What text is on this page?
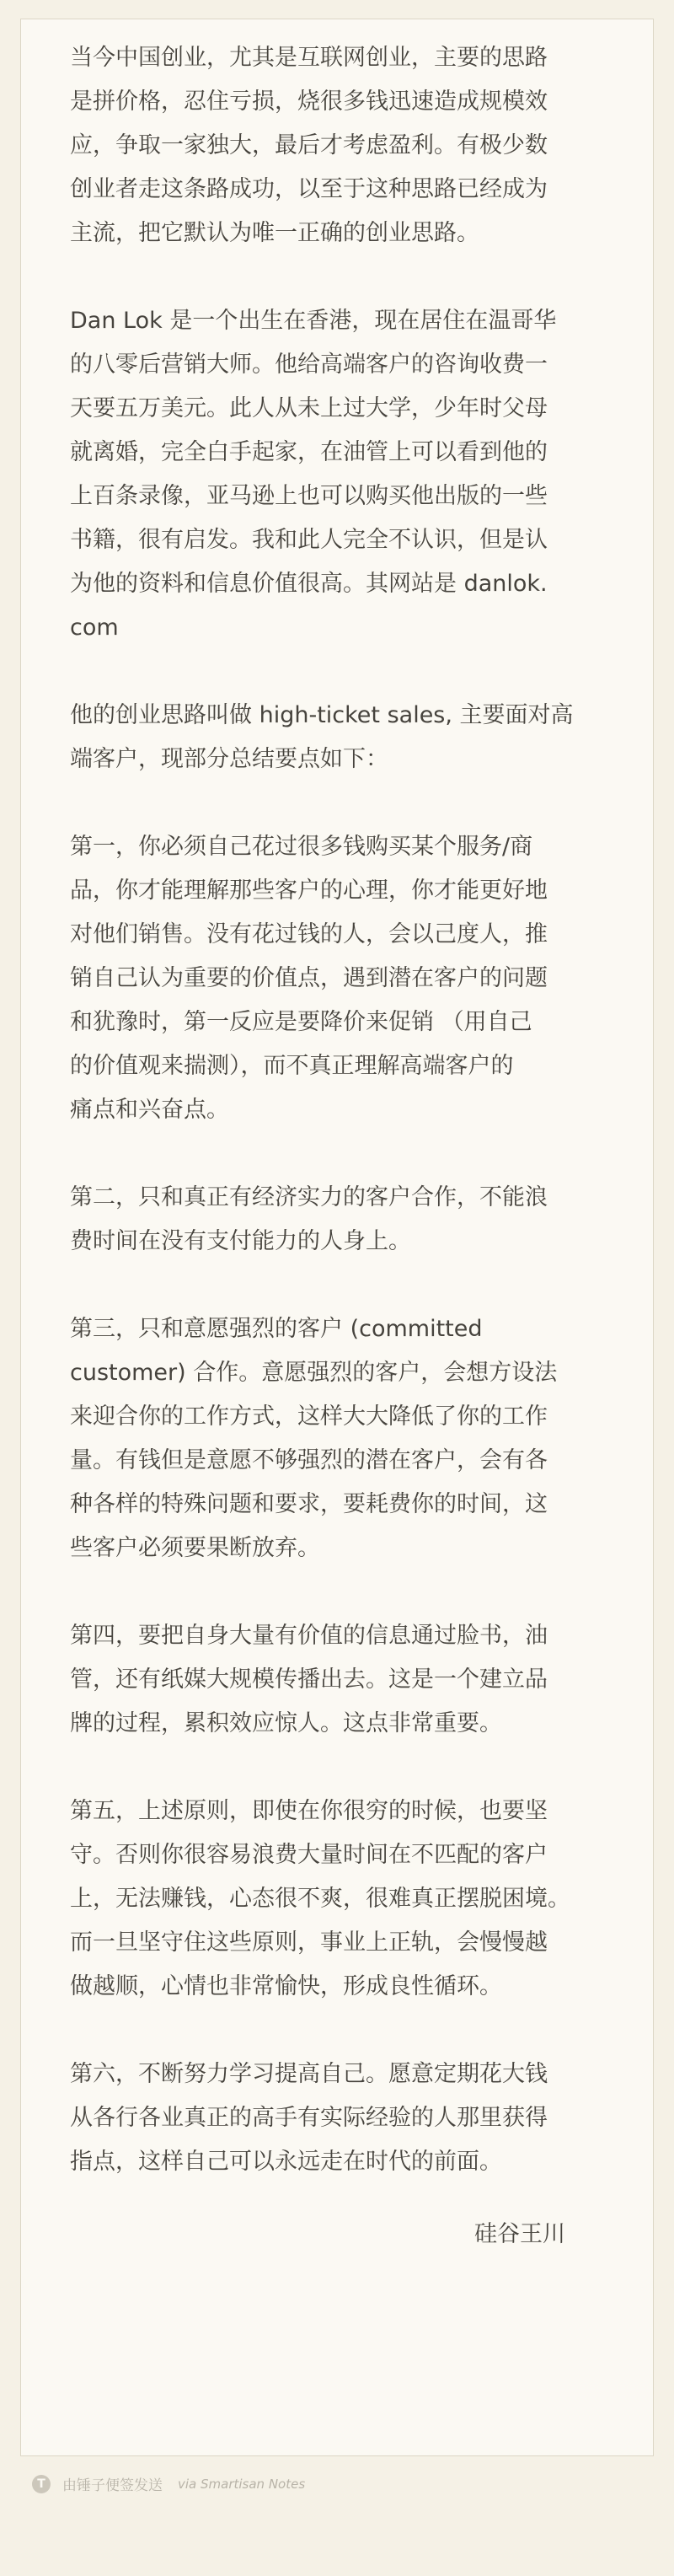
当今中国创业，尤其是互联网创业，主要的思路
是拼价格，忍住亏损，烧很多钱迅速造成规模效
应，争取一家独大，最后才考虑盈利。有极少数
创业者走这条路成功，以至于这种思路已经成为
主流，把它默认为唯一正确的创业思路。

Dan Lok 是一个出生在香港，现在居住在温哥华
的八零后营销大师。他给高端客户的咨询收费一
天要五万美元。此人从未上过大学，少年时父母
就离婚，完全白手起家，在油管上可以看到他的
上百条录像，亚马逊上也可以购买他出版的一些
书籍，很有启发。我和此人完全不认识，但是认
为他的资料和信息价值很高。其网站是 danlok.
com

他的创业思路叫做 high-ticket sales, 主要面对高
端客户，现部分总结要点如下：

第一，你必须自己花过很多钱购买某个服务/商
品，你才能理解那些客户的心理，你才能更好地
对他们销售。没有花过钱的人，会以己度人，推
销自己认为重要的价值点，遇到潜在客户的问题
和犹豫时，第一反应是要降价来促销 （用自己
的价值观来揣测），而不真正理解高端客户的
痛点和兴奋点。

第二，只和真正有经济实力的客户合作，不能浪
费时间在没有支付能力的人身上。

第三，只和意愿强烈的客户 (committed
customer) 合作。意愿强烈的客户，会想方设法
来迎合你的工作方式，这样大大降低了你的工作
量。有钱但是意愿不够强烈的潜在客户，会有各
种各样的特殊问题和要求，要耗费你的时间，这
些客户必须要果断放弃。

第四，要把自身大量有价值的信息通过脸书，油
管，还有纸媒大规模传播出去。这是一个建立品
牌的过程，累积效应惊人。这点非常重要。

第五，上述原则，即使在你很穷的时候，也要坚
守。否则你很容易浪费大量时间在不匹配的客户
上，无法赚钱，心态很不爽，很难真正摆脱困境。
而一旦坚守住这些原则，事业上正轨，会慢慢越
做越顺，心情也非常愉快，形成良性循环。

第六，不断努力学习提高自己。愿意定期花大钱
从各行各业真正的高手有实际经验的人那里获得
指点，这样自己可以永远走在时代的前面。

硅谷王川

T	由锤子便签发送 via Smartisan Notes
